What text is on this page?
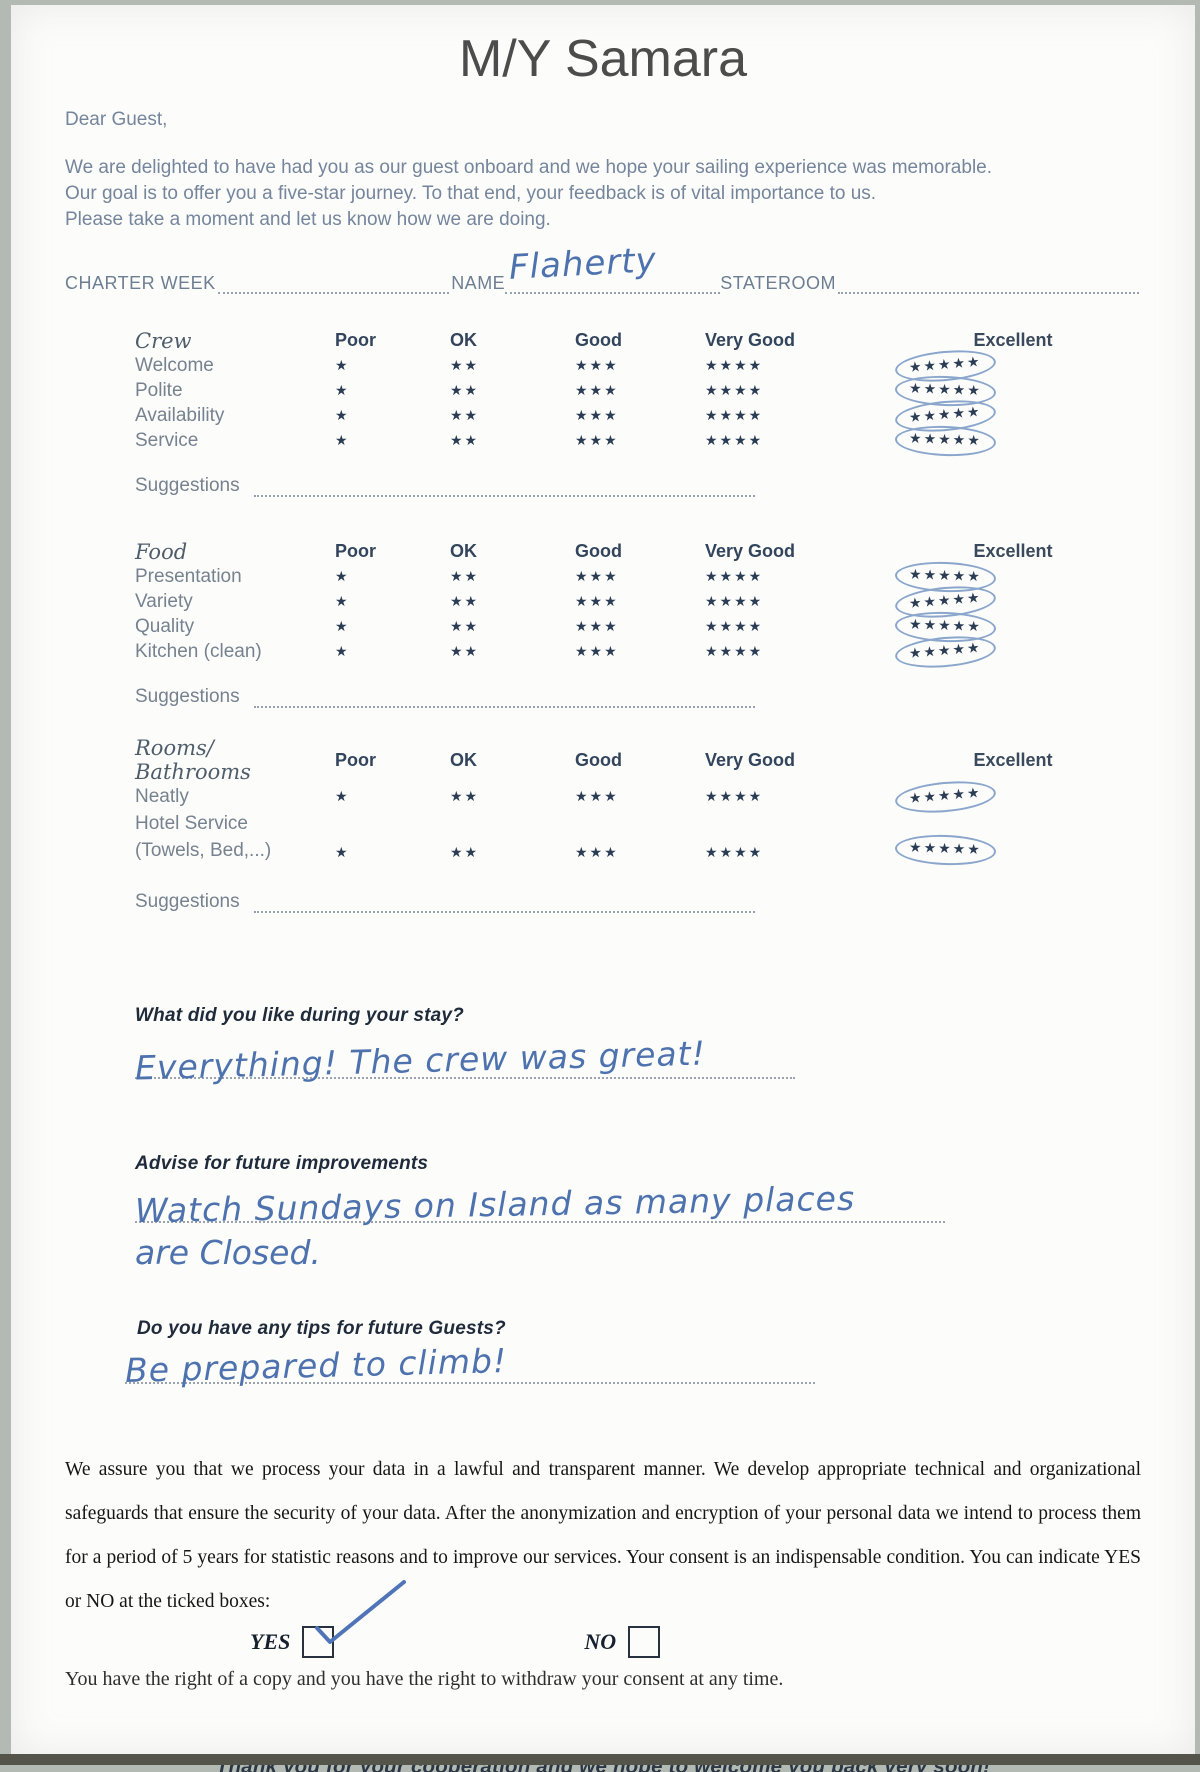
M/Y Samara

Dear Guest,

We are delighted to have had you as our guest onboard and we hope your sailing experience was memorable.
Our goal is to offer you a five-star journey. To that end, your feedback is of vital importance to us.
Please take a moment and let us know how we are doing.
CHARTER WEEK	NAME Flaherty	STATEROOM
Crew	Poor	OK	Good	Very Good	Excellent
Welcome	★	★★	★★★	★★★★	★★★★★
Polite	★	★★	★★★	★★★★	★★★★★
Availability	★	★★	★★★	★★★★	★★★★★
Service	★	★★	★★★	★★★★	★★★★★
Suggestions
Food	Poor	OK	Good	Very Good	Excellent
Presentation	★	★★	★★★	★★★★	★★★★★
Variety	★	★★	★★★	★★★★	★★★★★
Quality	★	★★	★★★	★★★★	★★★★★
Kitchen (clean)	★	★★	★★★	★★★★	★★★★★
Suggestions
Rooms/ Bathrooms
Poor	OK	Good	Very Good	Excellent
Neatly	★	★★	★★★	★★★★	★★★★★
Hotel Service
(Towels, Bed,...)	★	★★	★★★	★★★★	★★★★★
Suggestions
What did you like during your stay?
Everything! The crew was great!
Advise for future improvements
Watch Sundays on Island as many places
are Closed.
Do you have any tips for future Guests?
Be prepared to climb!

We assure you that we process your data in a lawful and transparent manner. We develop appropriate technical and organizational safeguards that ensure the security of your data. After the anonymization and encryption of your personal data we intend to process them for a period of 5 years for statistic reasons and to improve our services. Your consent is an indispensable condition. You can indicate YES or NO at the ticked boxes:

YES	NO

You have the right of a copy and you have the right to withdraw your consent at any time.
